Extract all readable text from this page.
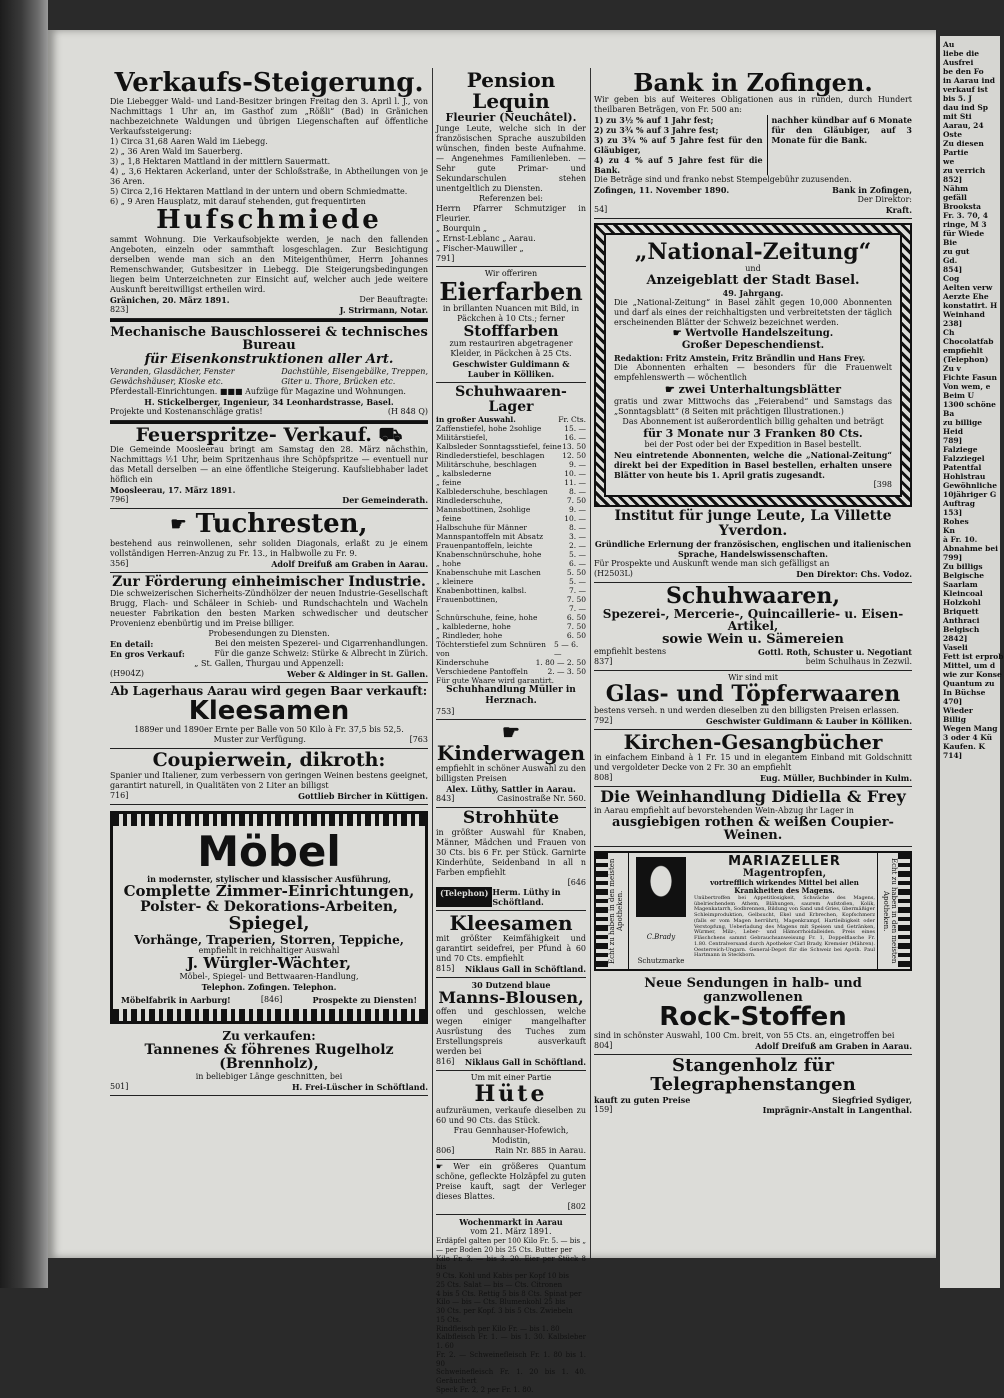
Verkaufs-Steigerung.
Die Liebegger Wald- und Land-Besitzer bringen Freitag den 3. April l. J., von Nachmittags 1 Uhr an, im Gasthof zum „Rößli“ (Bad) in Gränichen nachbezeichnete Waldungen und übrigen Liegenschaften auf öffentliche Verkaufssteigerung:
1) Circa 31,68 Aaren Wald im Liebegg.
2) „ 36 Aren Wald im Sauerberg.
3) „ 1,8 Hektaren Mattland in der mittlern Sauermatt.
4) „ 3,6 Hektaren Ackerland, unter der Schloßstraße, in Abtheilungen von je 36 Aren.
5) Circa 2,16 Hektaren Mattland in der untern und obern Schmiedmatte.
6) „ 9 Aren Hausplatz, mit darauf stehenden, gut frequentirten
Hufschmiede
sammt Wohnung. Die Verkaufsobjekte werden, je nach den fallenden Angeboten, einzeln oder sammthaft losgeschlagen. Zur Besichtigung derselben wende man sich an den Miteigenthümer, Herrn Johannes Remenschwander, Gutsbesitzer in Liebegg. Die Steigerungsbedingungen liegen beim Unterzeichneten zur Einsicht auf, welcher auch jede weitere Auskunft bereitwilligst ertheilen wird.
Gränichen, 20. März 1891.	Der Beauftragte:
823]	J. Strirmann, Notar.
Mechanische Bauschlosserei & technisches Bureau
für Eisenkonstruktionen aller Art.
Veranden, Glasdächer, Fenster
Gewächshäuser, Kioske etc.
Dachstühle, Eisengebälke, Treppen,
Giter u. Thore, Brücken etc.
Pferdestall-Einrichtungen. ■■■ Aufzüge für Magazine und Wohnungen.
H. Stickelberger, Ingenieur, 34 Leonhardstrasse, Basel.
Projekte und Kostenanschläge gratis!	(H 848 Q)
Feuerspritze- Verkauf. ⛟
Die Gemeinde Moosleerau bringt am Samstag den 28. März nächsthin, Nachmittags ½1 Uhr, beim Spritzenhaus ihre Schöpfspritze — eventuell nur das Metall derselben — an eine öffentliche Steigerung. Kaufsliebhaber ladet höflich ein
Moosleerau, 17. März 1891.
796]	Der Gemeinderath.
☛ Tuchresten,
bestehend aus reinwollenen, sehr soliden Diagonals, erlaßt zu je einem vollständigen Herren-Anzug zu Fr. 13., in Halbwolle zu Fr. 9.
356]	Adolf Dreifuß am Graben in Aarau.
Zur Förderung einheimischer Industrie.
Die schweizerischen Sicherheits-Zündhölzer der neuen Industrie-Gesellschaft Brugg, Flach- und Schäleer in Schieb- und Rundschachteln und Wacheln neuester Fabrikation den besten Marken schwedischer und deutscher Provenienz ebenbürtig und im Preise billiger.
Probesendungen zu Diensten.
En detail:	Bei den meisten Spezerei- und Cigarrenhandlungen.
En gros Verkauf:	Für die ganze Schweiz: Stürke & Albrecht in Zürich.
„ St. Gallen, Thurgau und Appenzell:
(H904Z)	Weber & Aldinger in St. Gallen.
Ab Lagerhaus Aarau wird gegen Baar verkauft:
Kleesamen
1889er und 1890er Ernte per Balle von 50 Kilo à Fr. 37,5 bis 52,5.
Muster zur Verfügung.	[763
Coupierwein, dikroth:
Spanier und Italiener, zum verbessern von geringen Weinen bestens geeignet, garantirt naturell, in Qualitäten von 2 Liter an billigst
716]	Gottlieb Bircher in Küttigen.
Möbel
in modernster, stylischer und klassischer Ausführung,
Complette Zimmer-Einrichtungen,
Polster- & Dekorations-Arbeiten,
Spiegel,
Vorhänge, Traperien, Storren, Teppiche,
empfiehlt in reichhaltiger Auswahl
J. Würgler-Wächter,
Möbel-, Spiegel- und Bettwaaren-Handlung,
Telephon. Zofingen. Telephon.
Möbelfabrik in Aarburg!	[846]	Prospekte zu Diensten!
Zu verkaufen:
Tannenes & föhrenes Rugelholz (Brennholz),
in beliebiger Länge geschnitten, bei
501]	H. Frei-Lüscher in Schöftland.
Pension Lequin
Fleurier (Neuchâtel).
Junge Leute, welche sich in der französischen Sprache auszubilden wünschen, finden beste Aufnahme. — Angenehmes Familienleben. — Sehr gute Primar- und Sekundarschulen stehen unentgeltlich zu Diensten.
Referenzen bei:
Herrn Pfarrer Schmutziger in Fleurier.
„ Bourquin „
„ Ernst-Leblanc „ Aarau.
„ Fischer-Mauwiller „
791]
Wir offeriren
Eierfarben
in brillanten Nuancen mit Bild, in Päckchen à 10 Cts.; ferner
Stofffarben
zum restauriren abgetragener Kleider, in Päckchen à 25 Cts.
Geschwister Guldimann & Lauber in Kölliken.
Schuhwaaren-Lager
in großer Auswahl.	Fr. Cts.
Zaffenstiefel, hohe 2sohlige	15. —
Militärstiefel,	16. —
Kalbsleder Sonntagsstiefel, feine 13. 50
Rindlederstiefel, beschlagen 12. 50
Militärschuhe, beschlagen	9. —
„ kalbslederne	10. —
„ feine	11. —
Kalblederschuhe, beschlagen	8. —
Rindlederschuhe,	7. 50
Mannsbottinen, 2sohlige	9. —
„ feine	10. —
Halbschuhe für Männer	8. —
Mannspantoffeln mit Absatz	3. —
Frauenpantoffeln, leichte	2. —
Knabenschnürschuhe, hohe	5. —
„ hohe	6. —
Knabenschuhe mit Laschen	5. 50
„ kleinere	5. —
Knabenbottinen, kalbsl.	7. —
Frauenbottinen,	7. 50
„	7. —
Schnürschuhe, feine, hohe	6. 50
„ kalblederne, hohe	7. 50
„ Rindleder, hohe	6. 50
Töchterstiefel zum Schnüren von
5 — 6. —
Kinderschuhe	1. 80 — 2. 50
Verschiedene Pantoffeln	2. — 3. 50
Für gute Waare wird garantirt.
Schuhhandlung Müller in Herznach.
753]
☛Kinderwagen
empfiehlt in schöner Auswahl zu den billigsten Preisen
Alex. Lüthy, Sattler in Aarau.
843]	Casinostraße Nr. 560.
Strohhüte
in größter Auswahl für Knaben, Männer, Mädchen und Frauen von 30 Cts. bis 6 Fr. per Stück. Garnirte Kinderhüte, Seidenband in all n Farben empfiehlt
[646
(Telephon) Herm. Lüthy in Schöftland.
Kleesamen
mit größter Keimfähigkeit und garantirt seidefrei, per Pfund à 60 und 70 Cts. empfiehlt
815] Niklaus Gall in Schöftland.
30 Dutzend blaue
Manns-Blousen,
offen und geschlossen, welche wegen einiger mangelhafter Ausrüstung des Tuches zum Erstellungspreis ausverkauft werden bei
816] Niklaus Gall in Schöftland.
Um mit einer Partie
Hüte
aufzuräumen, verkaufe dieselben zu 60 und 90 Cts. das Stück.
Frau Gennhauser-Hofewich, Modistin,
806]	Rain Nr. 885 in Aarau.
☛ Wer ein größeres Quantum schöne, gefleckte Holzäpfel zu guten Preise kauft, sagt der Verleger dieses Blattes.
[802
Wochenmarkt in Aarau
vom 21. März 1891.
Erdäpfel galten per 100 Kilo Fr. 5. — bis „ — per Boden 20 bis 25 Cts. Butter per
Kilo Fr. 3. — bis 3. 20. Eier per Stück 8 bis
9 Cts. Kohl und Kabis per Kopf 10 bis
25 Cts. Salat — bis — Cts. Citronen
4 bis 5 Cts. Rettig 5 bis 8 Cts. Spinat per
Kilo — bis — Cts. Blumenkohl 25 bis
30 Cts. per Kopf. 3 bis 5 Cts. Zwiebeln
15 Cts.
Rindfleisch per Kilo Fr. — bis 1. 80
Kalbfleisch Fr. 1. — bis 1. 30. Kalbsleber 1. 60
Fr. 2. — Schweinefleisch Fr. 1. 80 bis 1. 90
Schweinefleisch Fr. 1. 20 bis 1. 40. Geräuchert
Speck Fr. 2, 2 per Fr. 1. 80.
Bank in Zofingen.
Wir geben bis auf Weiteres Obligationen aus in runden, durch Hundert theilbaren Beträgen, von Fr. 500 an:
1) zu 3½ % auf 1 Jahr fest;
2) zu 3¾ % auf 3 Jahre fest;
3) zu 3¾ % auf 5 Jahre fest für den Gläubiger,
4) zu 4 % auf 5 Jahre fest für die Bank.
nachher kündbar auf 6 Monate für den Gläubiger, auf 3 Monate für die Bank.
Die Beträge sind und franko nebst Stempelgebühr zuzusenden.
Zofingen, 11. November 1890.	Bank in Zofingen,
Der Direktor:
54]	Kraft.
„National-Zeitung“
und
Anzeigeblatt der Stadt Basel.
49. Jahrgang.
Die „National-Zeitung“ in Basel zählt gegen 10,000 Abonnenten und darf als eines der reichhaltigsten und verbreitetsten der täglich erscheinenden Blätter der Schweiz bezeichnet werden.
☛ Wertvolle Handelszeitung.
Großer Depeschendienst.
Redaktion: Fritz Amstein, Fritz Brändlin und Hans Frey.
Die Abonnenten erhalten — besonders für die Frauenwelt empfehlenswerth — wöchentlich
☛ zwei Unterhaltungsblätter
gratis und zwar Mittwochs das „Feierabend“ und Samstags das „Sonntagsblatt“ (8 Seiten mit prächtigen Illustrationen.)
Das Abonnement ist außerordentlich billig gehalten und beträgt
für 3 Monate nur 3 Franken 80 Cts.
bei der Post oder bei der Expedition in Basel bestellt.
Neu eintretende Abonnenten, welche die „National-Zeitung“ direkt bei der Expedition in Basel bestellen, erhalten unsere Blätter von heute bis 1. April gratis zugesandt.
[398
Institut für junge Leute, La Villette Yverdon.
Gründliche Erlernung der französischen, englischen und italienischen Sprache, Handelswissenschaften.
Für Prospekte und Auskunft wende man sich gefälligst an
(H2503L)	Den Direktor: Chs. Vodoz.
Schuhwaaren,
Spezerei-, Mercerie-, Quincaillerie- u. Eisen-Artikel,
sowie Wein u. Sämereien
empfiehlt bestens	Gottl. Roth, Schuster u. Negotiant
837]	beim Schulhaus in Zezwil.
Wir sind mit
Glas- und Töpferwaaren
bestens verseh. n und werden dieselben zu den billigsten Preisen erlassen.
792]	Geschwister Guldimann & Lauber in Kölliken.
Kirchen-Gesangbücher
in einfachem Einband à 1 Fr. 15 und in elegantem Einband mit Goldschnitt und vergoldeter Decke von 2 Fr. 30 an empfiehlt
808]	Eug. Müller, Buchbinder in Kulm.
Die Weinhandlung Didiella & Frey
in Aarau empfiehlt auf bevorstehenden Wein-Abzug ihr Lager in
ausgiebigen rothen & weißen Coupier-Weinen.
Echt zu haben in den meisten Apotheken.
C.Brady
Schutzmarke
MARIAZELLER
Magentropfen,
vortrefflich wirkendes Mittel bei allen Krankheiten des Magens.
Unübertroffen bei Appetitlosigkeit, Schwäche des Magens, übelriechendem Athem, Blähungen, saurem Aufstoßen, Kolik, Magenkatarrh, Sodbrennen, Bildung von Sand und Gries, übermäßiger Schleimproduktion, Gelbsucht, Ekel und Erbrechen, Kopfschmerz (falls er vom Magen herrührt), Magenkrampf, Hartleibigkeit oder Verstopfung, Ueberladung des Magens mit Speisen und Getränken, Würmer, Milz-, Leber- und Hämorrhoidalleiden. Preis eines Fläschchens sammt Gebrauchsanweisung Fr. 1, Doppelflasche Fr. 1.80. Centralversand durch Apotheker Carl Brady, Kremsier (Mähren). Oesterreich-Ungarn. General-Depot für die Schweiz bei Apoth. Paul Hartmann in Steckborn.	Echt zu haben in den meisten Apotheken.
Neue Sendungen in halb- und ganzwollenen
Rock-Stoffen
sind in schönster Auswahl, 100 Cm. breit, von 55 Cts. an, eingetroffen bei
804]	Adolf Dreifuß am Graben in Aarau.
Stangenholz für Telegraphenstangen
kauft zu guten Preise	Siegfried Sydiger,
159]	Imprägnir-Anstalt in Langenthal.
Au
liebe die
Ausfrei
be den Fo
in Aarau ind
verkauf ist
bis 5. J
dau ind Sp
mit Sti
Aarau, 24
Oste
Zu diesen
Partie
we
zu verrich
852]
Nähm
gefäll
Brooksta
Fr. 3. 70, 4
ringe, M 3
für Wiede
Bie
zu gut
Gd.
854]
Cog
Aelten verw
Aerzte Ehe
konstatirt. H
Weinhand
238]
Ch
Chocolatfab
empfiehlt
(Telephon)
Zu v
Fichte Fasun
Von wem, e
Beim U
1300 schöne
Ba
zu billige
Heid
789]
Falziege
Falzziegel
Patentfal
Hohlstrau
Gewöhnliche
10jähriger G
Auftrag
153]
Rohes
Kn
à Fr. 10.
Abnahme bei
799]
Zu billigs
Belgische
Saarlam
Kleincoal
Holzkohl
Briquett
Anthraci
Belgisch
2842]
Vaseli
Fett ist erprob
Mittel, um d
wie zur Konse
Quantum zu
In Büchse
470]
Wieder
Billig
Wegen Mang
3 oder 4 Kü
Kaufen. K
714]
